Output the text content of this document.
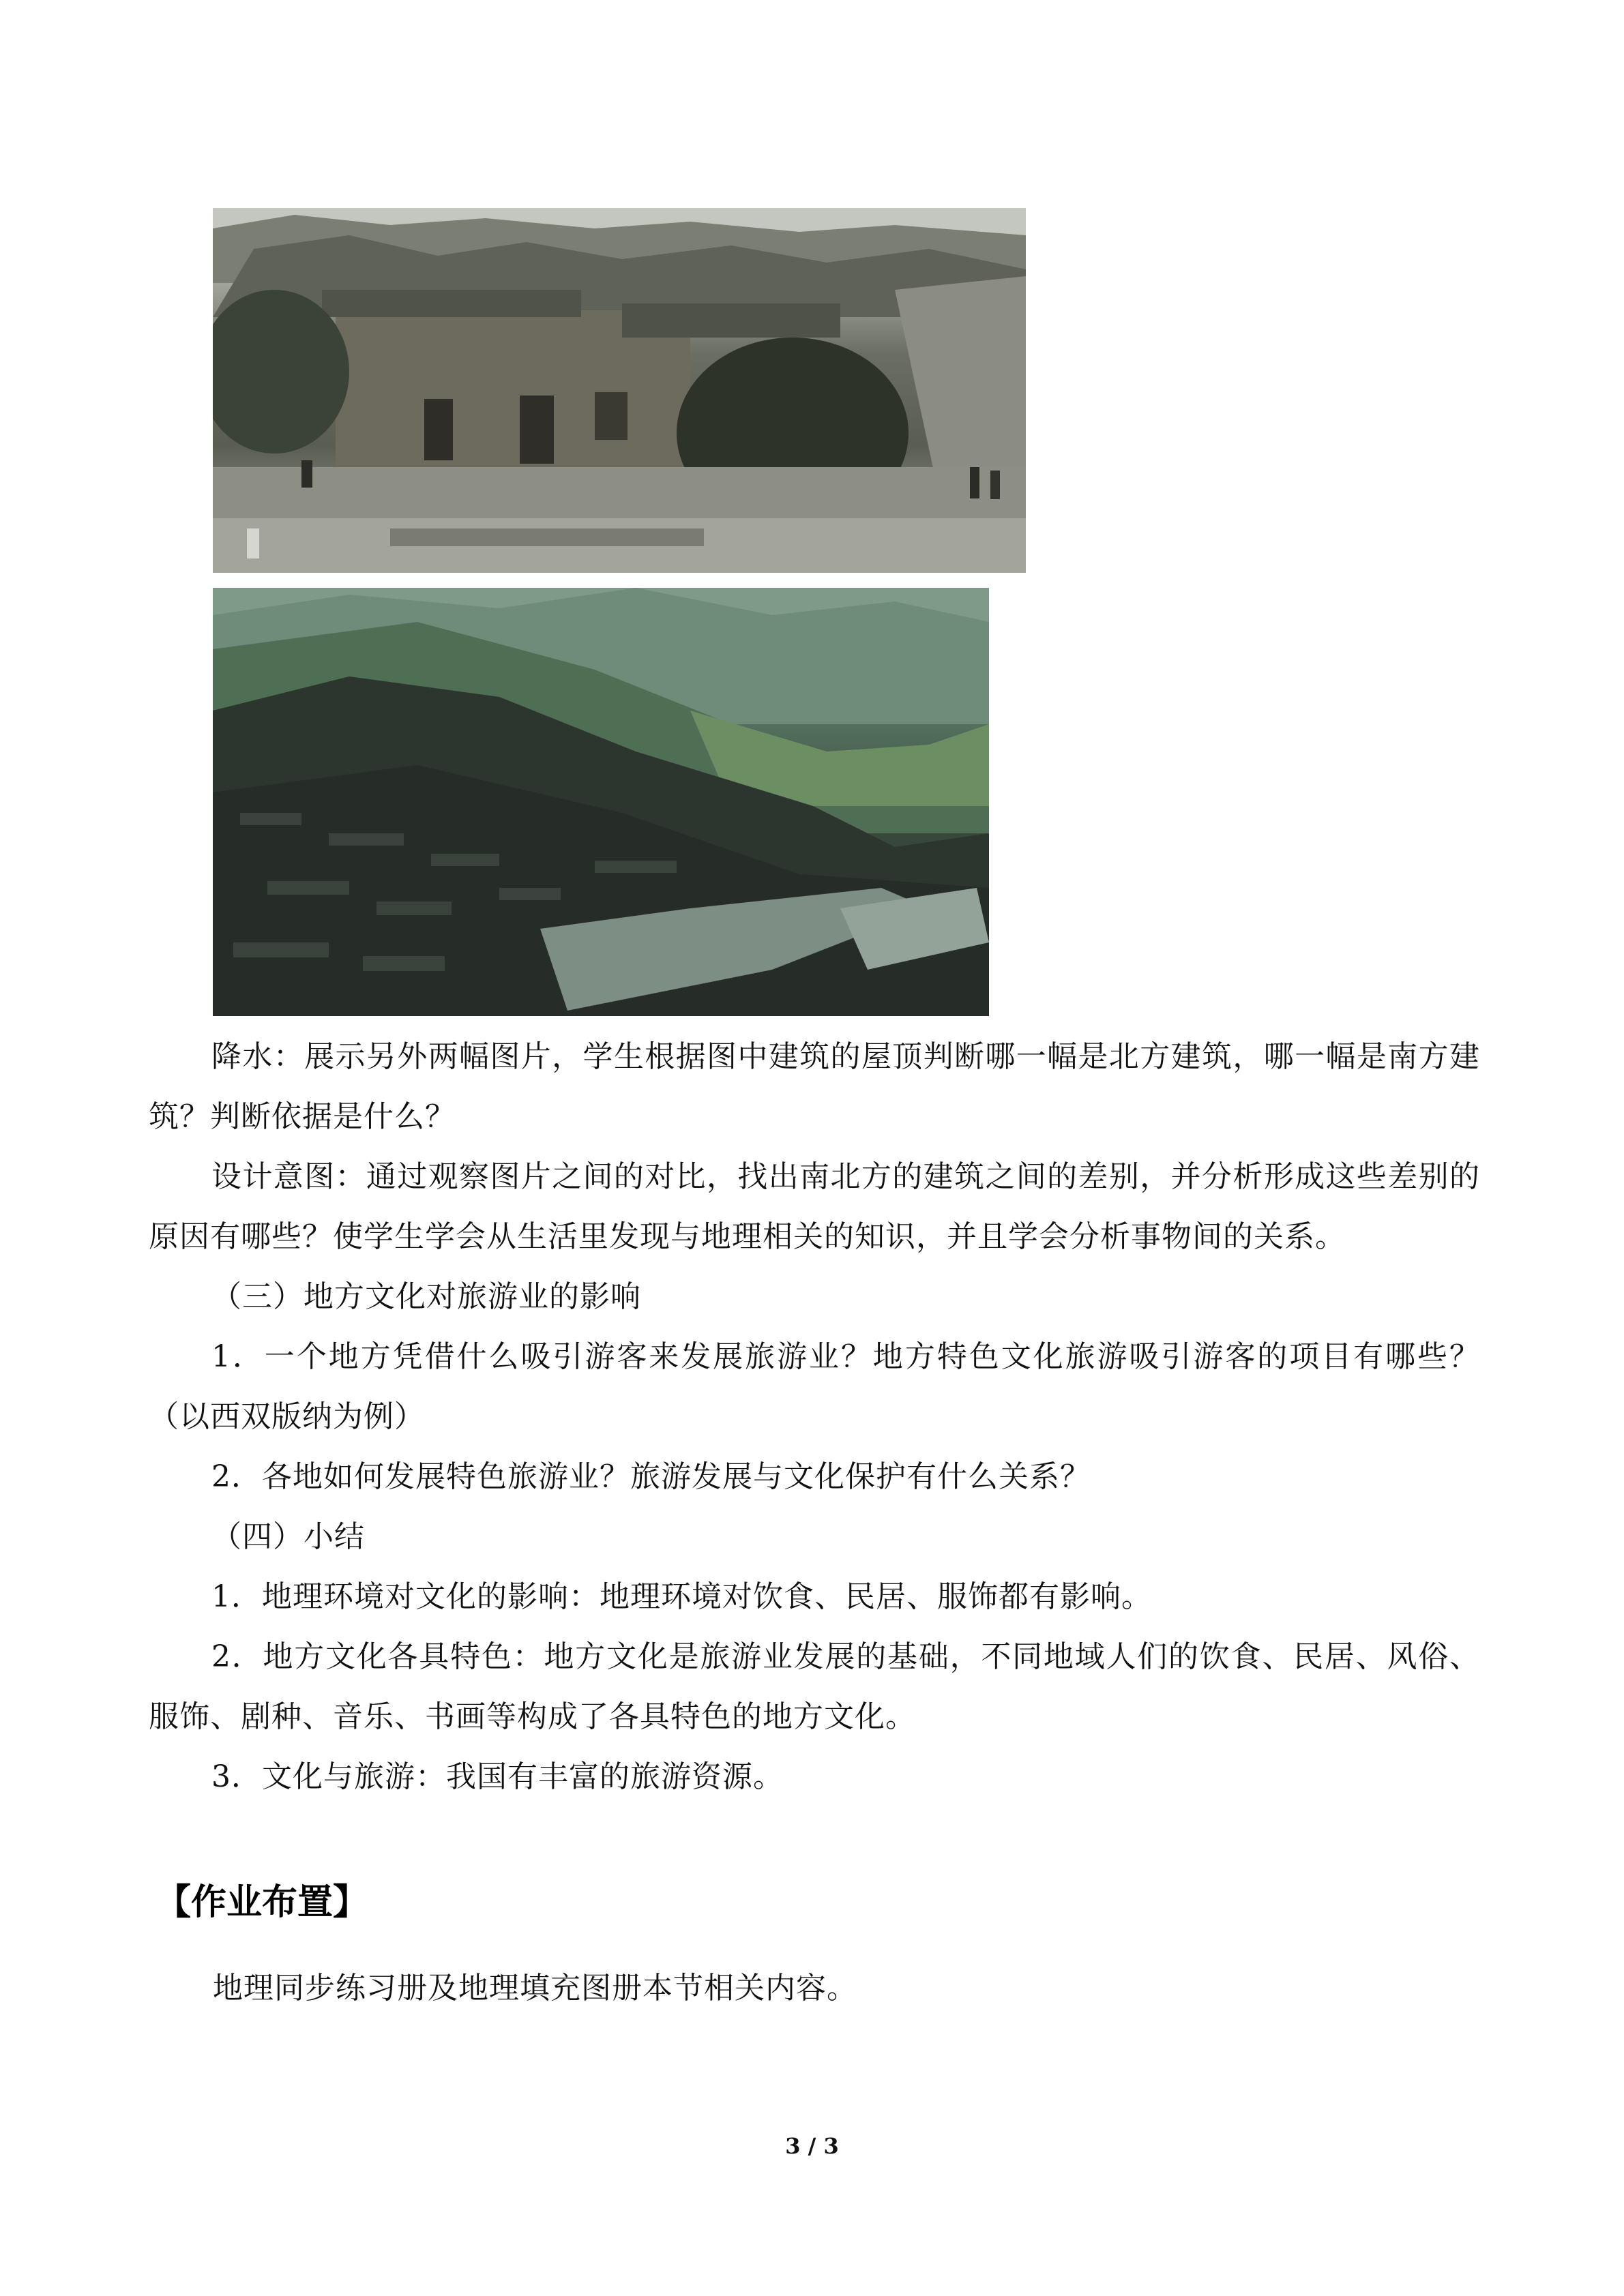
降水：展示另外两幅图片，学生根据图中建筑的屋顶判断哪一幅是北方建筑，哪一幅是南方建筑？判断依据是什么？

设计意图：通过观察图片之间的对比，找出南北方的建筑之间的差别，并分析形成这些差别的原因有哪些？使学生学会从生活里发现与地理相关的知识，并且学会分析事物间的关系。

（三）地方文化对旅游业的影响

1．一个地方凭借什么吸引游客来发展旅游业？地方特色文化旅游吸引游客的项目有哪些？（以西双版纳为例）

2．各地如何发展特色旅游业？旅游发展与文化保护有什么关系？

（四）小结

1．地理环境对文化的影响：地理环境对饮食、民居、服饰都有影响。

2．地方文化各具特色：地方文化是旅游业发展的基础，不同地域人们的饮食、民居、风俗、服饰、剧种、音乐、书画等构成了各具特色的地方文化。

3．文化与旅游：我国有丰富的旅游资源。

【作业布置】
地理同步练习册及地理填充图册本节相关内容。
3 / 3
